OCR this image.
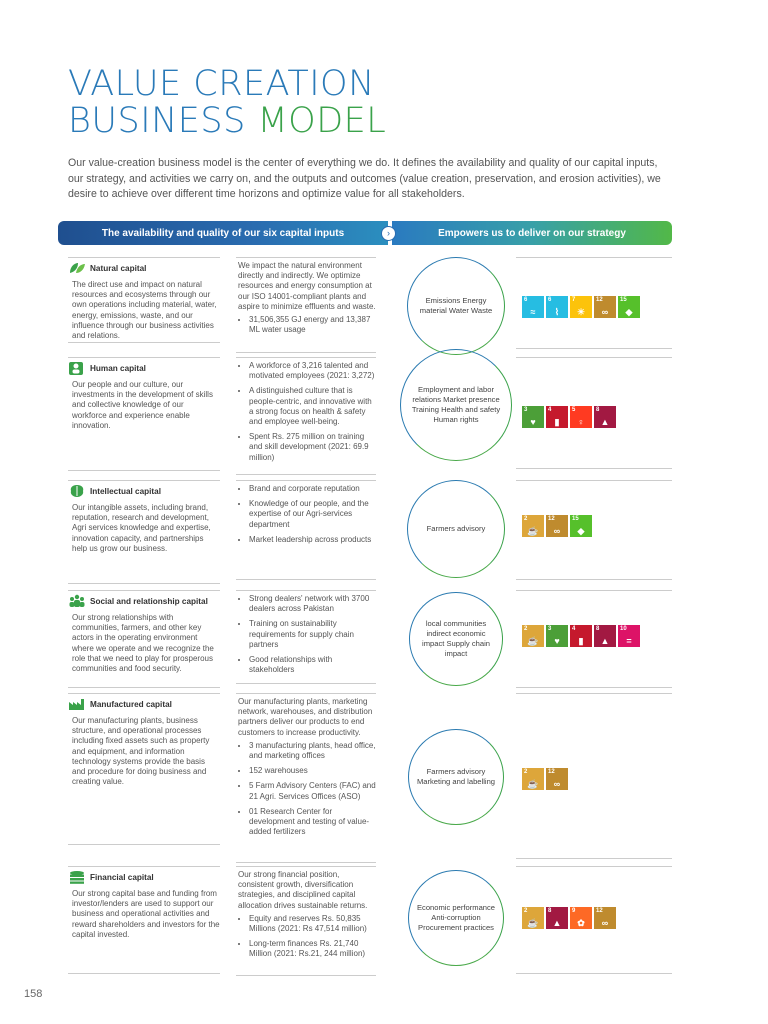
VALUE CREATION
BUSINESS MODEL

Our value-creation business model is the center of everything we do. It defines the availability and quality of our capital inputs, our strategy, and activities we carry on, and the outputs and outcomes (value creation, preservation, and erosion activities), we desire to achieve over different time horizons and optimize value for all stakeholders.

The availability and quality of our six capital inputs	Empowers us to deliver on our strategy
›
Natural capital
The direct use and impact on natural resources and ecosystems through our own operations including material, water, energy, emissions, waste, and our influence through our business activities and relations.
We impact the natural environment directly and indirectly. We optimize resources and energy consumption at our ISO 14001-compliant plants and aspire to minimize effluents and waste.
• 31,506,355 GJ energy and 13,387 ML water usage
Emissions Energy material Water Waste
6
≈
6
⌇
7
☀
12
∞
15
◆
Human capital
Our people and our culture, our investments in the development of skills and collective knowledge of our workforce and experience enable innovation.
• A workforce of 3,216 talented and motivated employees (2021: 3,272)
• A distinguished culture that is people-centric, and innovative with a strong focus on health & safety and employee well-being.
• Spent Rs. 275 million on training and skill development (2021: 69.9 million)
Employment and labor relations Market presence Training Health and safety Human rights
3
♥
4
▮
5
♀
8
▲
Intellectual capital
Our intangible assets, including brand, reputation, research and development, Agri services knowledge and expertise, innovation capacity, and partnerships help us grow our business.
• Brand and corporate reputation
• Knowledge of our people, and the expertise of our Agri-services department
• Market leadership across products
Farmers advisory
2
☕
12
∞
15
◆
Social and relationship capital
Our strong relationships with communities, farmers, and other key actors in the operating environment where we operate and we recognize the role that we need to play for prosperous communities and food security.
• Strong dealers' network with 3700 dealers across Pakistan
• Training on sustainability requirements for supply chain partners
• Good relationships with stakeholders
local communities indirect economic impact Supply chain impact
2
☕
3
♥
4
▮
8
▲
10
=
Manufactured capital
Our manufacturing plants, business structure, and operational processes including fixed assets such as property and equipment, and information technology systems provide the basis and procedure for doing business and creating value.
Our manufacturing plants, marketing network, warehouses, and distribution partners deliver our products to end customers to increase productivity.
• 3 manufacturing plants, head office, and marketing offices
• 152 warehouses
• 5 Farm Advisory Centers (FAC) and 21 Agri. Services Offices (ASO)
• 01 Research Center for development and testing of value-added fertilizers
Farmers advisory Marketing and labelling
2
☕
12
∞
Financial capital
Our strong capital base and funding from investor/lenders are used to support our business and operational activities and reward shareholders and investors for the capital invested.
Our strong financial position, consistent growth, diversification strategies, and disciplined capital allocation drives sustainable returns.
• Equity and reserves Rs. 50,835 Millions (2021: Rs 47,514 million)
• Long-term finances Rs. 21,740 Million (2021: Rs.21, 244 million)
Economic performance Anti-corruption Procurement practices
2
☕
8
▲
9
✿
12
∞
158
